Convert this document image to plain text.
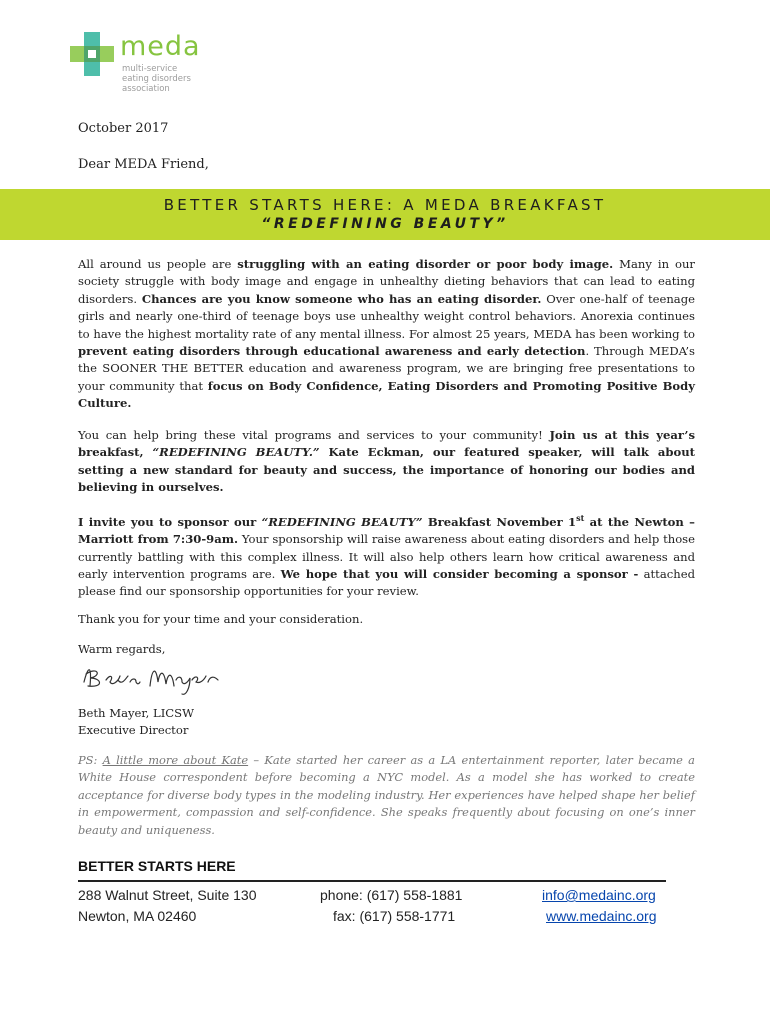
meda
multi-service
eating disorders
association
October 2017
Dear MEDA Friend,
BETTER STARTS HERE: A MEDA BREAKFAST
“REDEFINING BEAUTY”

All around us people are struggling with an eating disorder or poor body image. Many in our society struggle with body image and engage in unhealthy dieting behaviors that can lead to eating disorders. Chances are you know someone who has an eating disorder. Over one-half of teenage girls and nearly one-third of teenage boys use unhealthy weight control behaviors. Anorexia continues to have the highest mortality rate of any mental illness. For almost 25 years, MEDA has been working to prevent eating disorders through educational awareness and early detection. Through MEDA’s the SOONER THE BETTER education and awareness program, we are bringing free presentations to your community that focus on Body Confidence, Eating Disorders and Promoting Positive Body Culture.

You can help bring these vital programs and services to your community! Join us at this year’s breakfast, “REDEFINING BEAUTY.” Kate Eckman, our featured speaker, will talk about setting a new standard for beauty and success, the importance of honoring our bodies and believing in ourselves.

I invite you to sponsor our “REDEFINING BEAUTY” Breakfast November 1st at the Newton – Marriott from 7:30-9am. Your sponsorship will raise awareness about eating disorders and help those currently battling with this complex illness. It will also help others learn how critical awareness and early intervention programs are. We hope that you will consider becoming a sponsor - attached please find our sponsorship opportunities for your review.

Thank you for your time and your consideration.

Warm regards,

Beth Mayer, LICSW

Executive Director

PS: A little more about Kate – Kate started her career as a LA entertainment reporter, later became a White House correspondent before becoming a NYC model. As a model she has worked to create acceptance for diverse body types in the modeling industry. Her experiences have helped shape her belief in empowerment, compassion and self-confidence. She speaks frequently about focusing on one’s inner beauty and uniqueness.

BETTER STARTS HERE
288 Walnut Street, Suite 130
Newton, MA 02460
phone: (617) 558-1881
fax: (617) 558-1771
info@medainc.org
www.medainc.org
